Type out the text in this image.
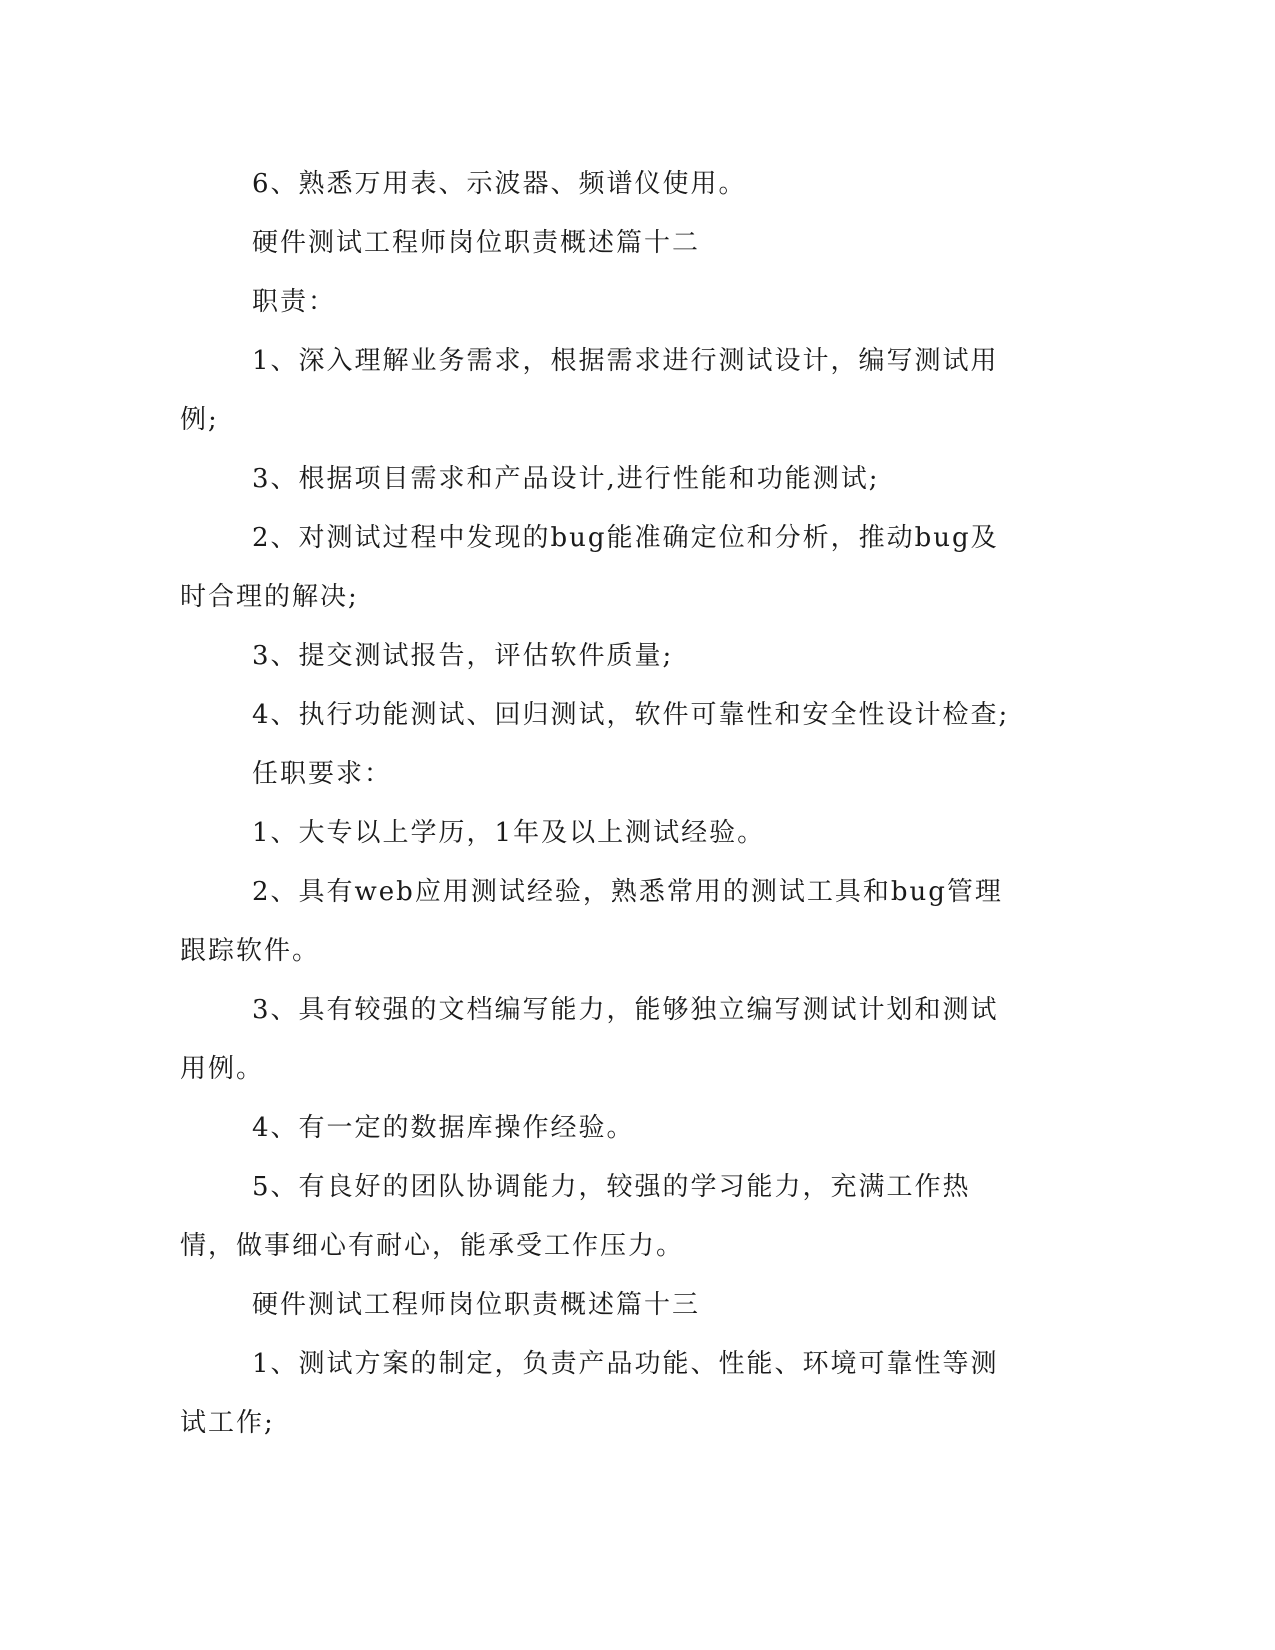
6、熟悉万用表、示波器、频谱仪使用。

硬件测试工程师岗位职责概述篇十二

职责：

1、深入理解业务需求，根据需求进行测试设计，编写测试用例;

3、根据项目需求和产品设计,进行性能和功能测试;

2、对测试过程中发现的bug能准确定位和分析，推动bug及时合理的解决;

3、提交测试报告，评估软件质量;

4、执行功能测试、回归测试，软件可靠性和安全性设计检查;

任职要求：

1、大专以上学历，1年及以上测试经验。

2、具有web应用测试经验，熟悉常用的测试工具和bug管理跟踪软件。

3、具有较强的文档编写能力，能够独立编写测试计划和测试用例。

4、有一定的数据库操作经验。

5、有良好的团队协调能力，较强的学习能力，充满工作热情，做事细心有耐心，能承受工作压力。

硬件测试工程师岗位职责概述篇十三

1、测试方案的制定，负责产品功能、性能、环境可靠性等测试工作;
